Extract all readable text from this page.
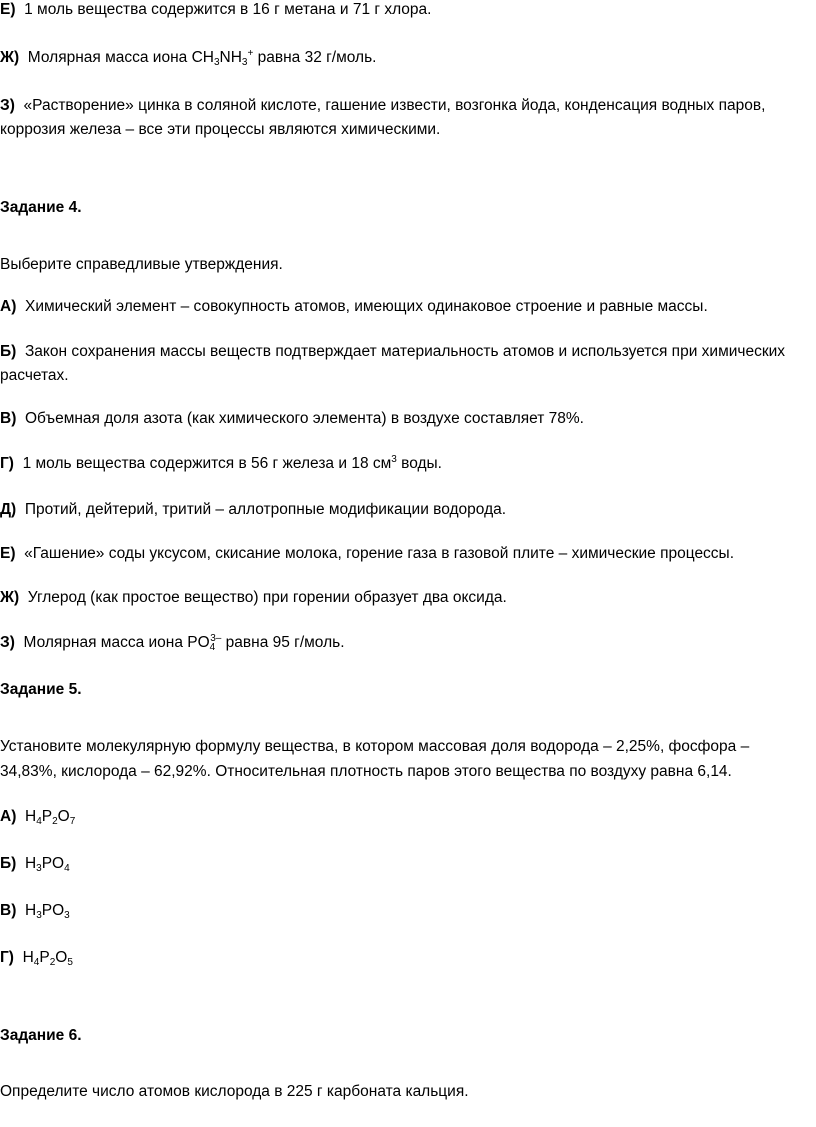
Е) 1 моль вещества содержится в 16 г метана и 71 г хлора.

Ж) Молярная масса иона $CH_3NH_3^+$ равна 32 г/моль.

З) «Растворение» цинка в соляной кислоте, гашение извести, возгонка йода, конденсация водных паров,

коррозия железа – все эти процессы являются химическими.

Задание 4.

Выберите справедливые утверждения.

А) Химический элемент – совокупность атомов, имеющих одинаковое строение и равные массы.

Б) Закон сохранения массы веществ подтверждает материальность атомов и используется при химических

расчетах.

В) Объемная доля азота (как химического элемента) в воздухе составляет 78%.

Г) 1 моль вещества содержится в 56 г железа и 18 $см^3$ воды.

Д) Протий, дейтерий, тритий – аллотропные модификации водорода.

Е) «Гашение» соды уксусом, скисание молока, горение газа в газовой плите – химические процессы.

Ж) Углерод (как простое вещество) при горении образует два оксида.

З) Молярная масса иона $PO_4^{3-}$ равна 95 г/моль.

Задание 5.

Установите молекулярную формулу вещества, в котором массовая доля водорода – 2,25%, фосфора –

34,83%, кислорода – 62,92%. Относительная плотность паров этого вещества по воздуху равна 6,14.

А) $H_4P_2O_7$

Б) $H_3PO_4$

В) $H_3PO_3$

Г) $H_4P_2O_5$

Задание 6.

Определите число атомов кислорода в 225 г карбоната кальция.
